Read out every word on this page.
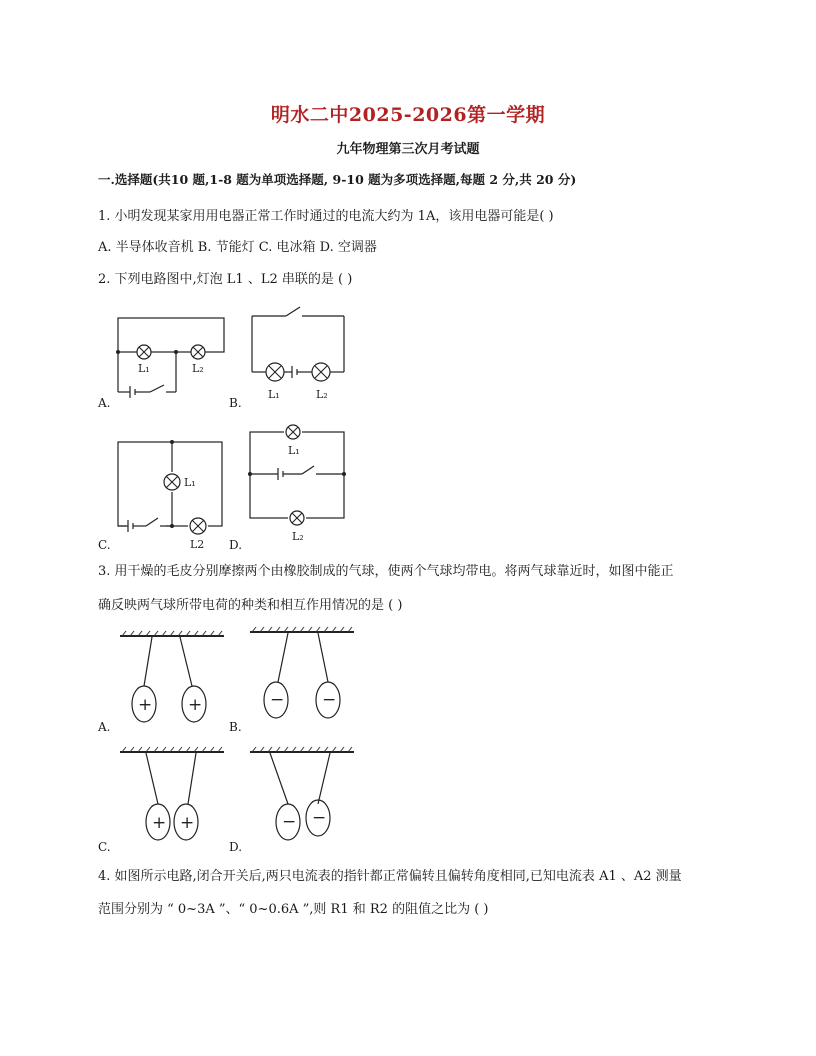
明水二中2025-2026第一学期
九年物理第三次月考试题
一.选择题(共10 题,1-8 题为单项选择题, 9-10 题为多项选择题,每题 2 分,共 20 分)
1. 小明发现某家用用电器正常工作时通过的电流大约为 1A，该用电器可能是( )
A. 半导体收音机 B. 节能灯 C. 电冰箱 D. 空调器
2. 下列电路图中,灯泡 L1 、L2 串联的是 ( )
A.
L₁	L₂
B.
L₁	L₂
C.
L₁
L2 D.
L₁
L₂
3. 用干燥的毛皮分别摩擦两个由橡胶制成的气球，使两个气球均带电。将两气球靠近时，如图中能正
确反映两气球所带电荷的种类和相互作用情况的是 ( )
A.
+ +
B.
− −
C.
+ +
D.
− −
4. 如图所示电路,闭合开关后,两只电流表的指针都正常偏转且偏转角度相同,已知电流表 A1 、A2 测量
范围分别为 “ 0~3A ”、“ 0~0.6A ”,则 R1 和 R2 的阻值之比为 ( )
